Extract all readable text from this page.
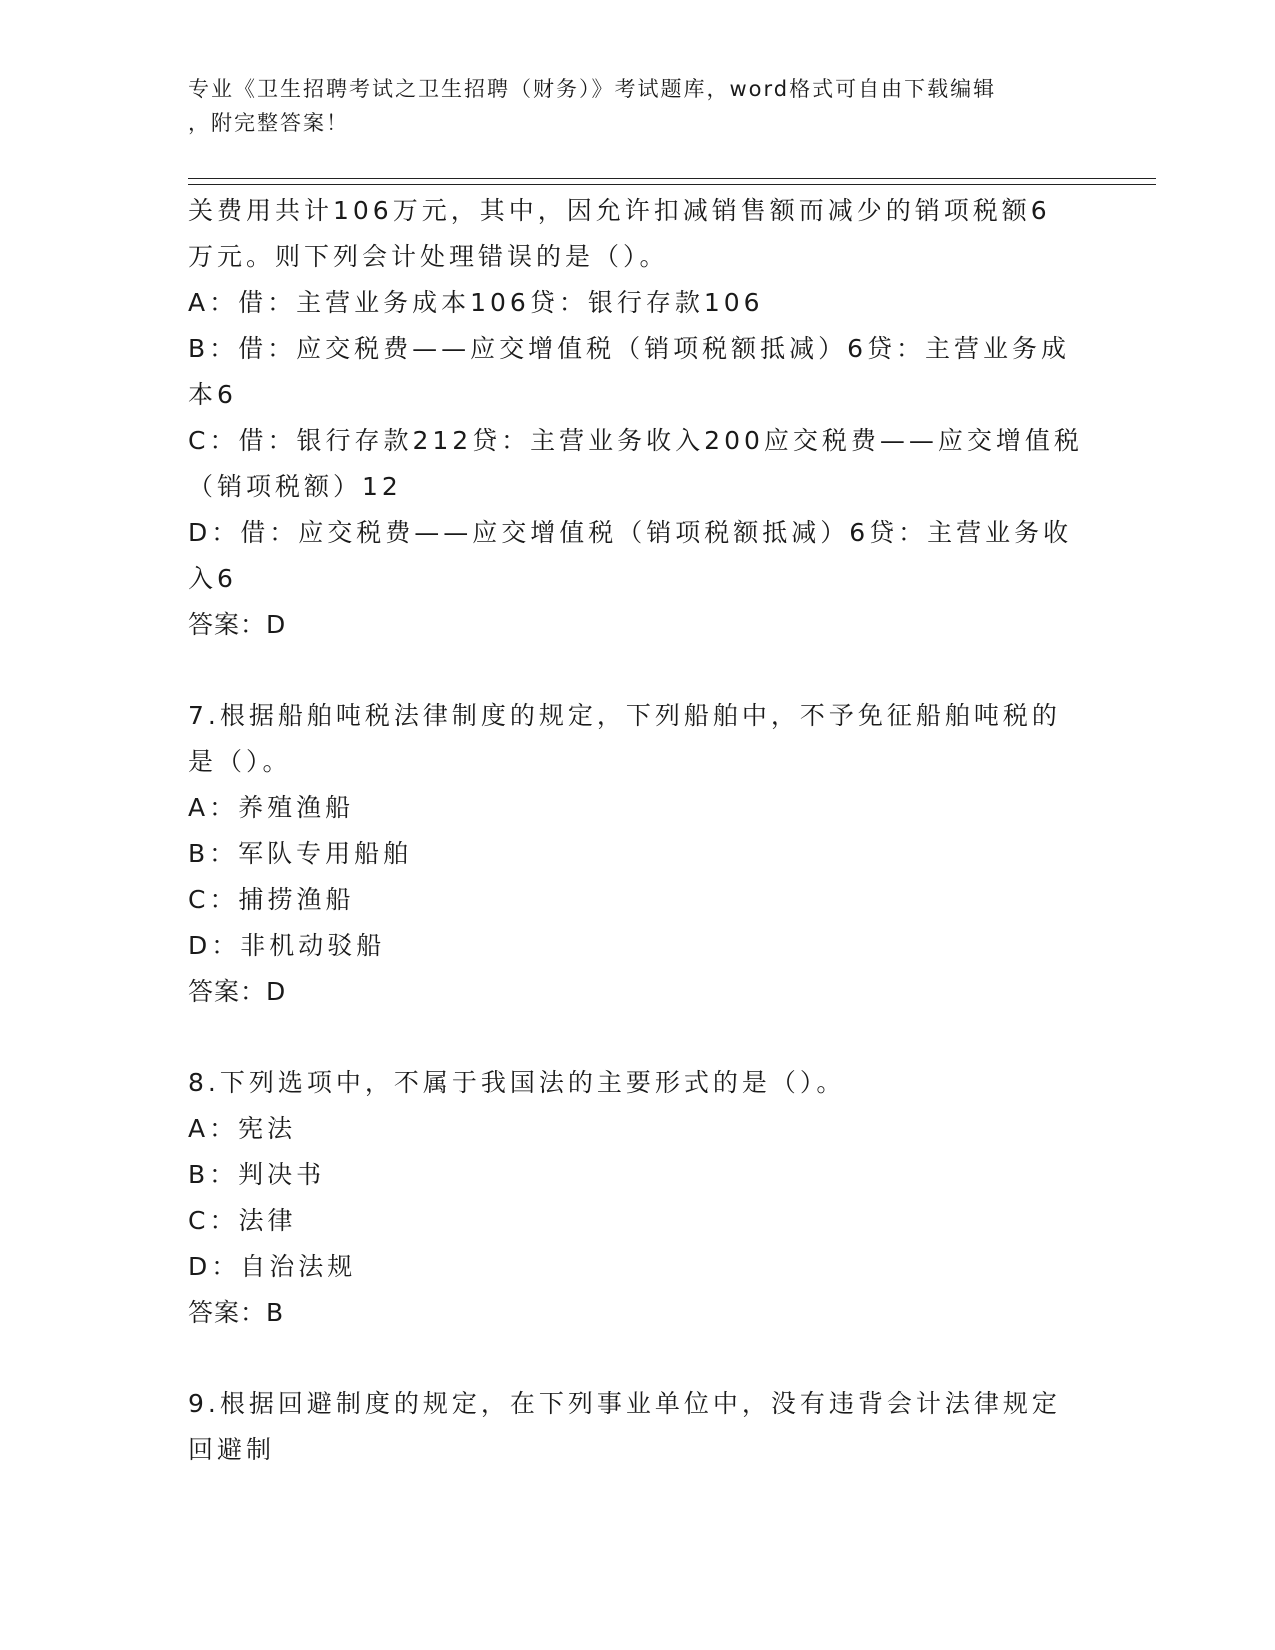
专业《卫生招聘考试之卫生招聘（财务）》考试题库，word格式可自由下载编辑
，附完整答案！
关费用共计106万元，其中，因允许扣减销售额而减少的销项税额6
万元。则下列会计处理错误的是（）。
A：借：主营业务成本106贷：银行存款106
B：借：应交税费——应交增值税（销项税额抵减）6贷：主营业务成
本6
C：借：银行存款212贷：主营业务收入200应交税费——应交增值税
（销项税额）12
D：借：应交税费——应交增值税（销项税额抵减）6贷：主营业务收
入6
答案：D
7.根据船舶吨税法律制度的规定，下列船舶中，不予免征船舶吨税的
是（）。
A：养殖渔船
B：军队专用船舶
C：捕捞渔船
D：非机动驳船
答案：D
8.下列选项中，不属于我国法的主要形式的是（）。
A：宪法
B：判决书
C：法律
D：自治法规
答案：B
9.根据回避制度的规定，在下列事业单位中，没有违背会计法律规定
回避制
